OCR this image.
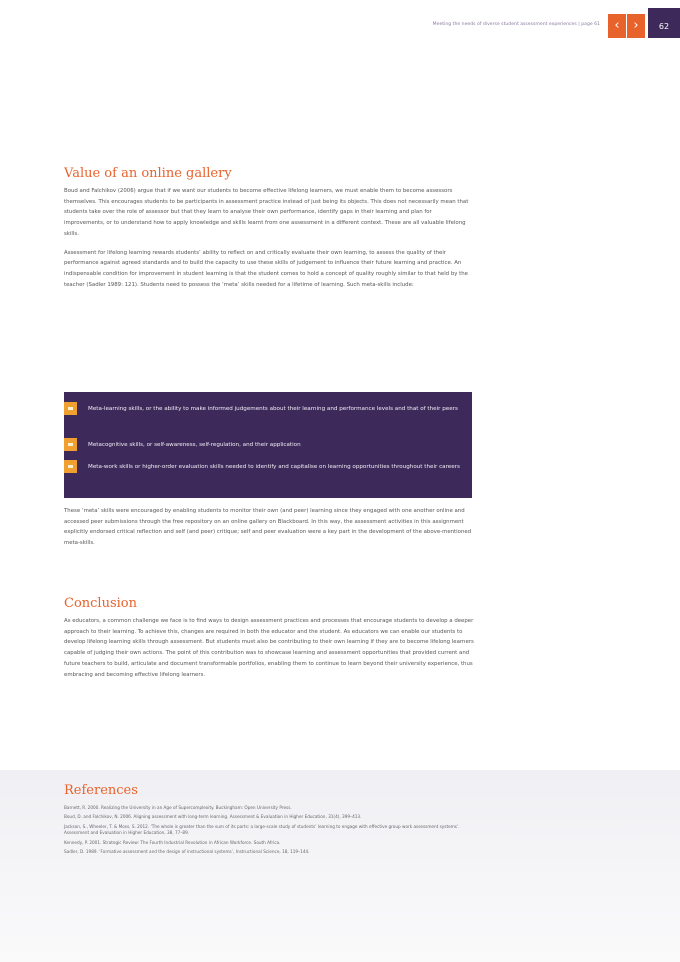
Meeting the needs of diverse student assessment experiences | page 61	‹	›	62
Value of an online gallery

Boud and Falchikov (2006) argue that if we want our students to become effective lifelong learners, we must enable them to become assessors themselves. This encourages students to be participants in assessment practice instead of just being its objects. This does not necessarily mean that students take over the role of assessor but that they learn to analyse their own performance, identify gaps in their learning and plan for improvements, or to understand how to apply knowledge and skills learnt from one assessment in a different context. These are all valuable lifelong skills.

Assessment for lifelong learning rewards students’ ability to reflect on and critically evaluate their own learning, to assess the quality of their performance against agreed standards and to build the capacity to use these skills of judgement to influence their future learning and practice. An indispensable condition for improvement in student learning is that the student comes to hold a concept of quality roughly similar to that held by the teacher (Sadler 1989: 121). Students need to possess the ‘meta’ skills needed for a lifetime of learning. Such meta-skills include:

Meta-learning skills, or the ability to make informed judgements about their learning and performance levels and that of their peers
Metacognitive skills, or self-awareness, self-regulation, and their application
Meta-work skills or higher-order evaluation skills needed to identify and capitalise on learning opportunities throughout their careers

These ‘meta’ skills were encouraged by enabling students to monitor their own (and peer) learning since they engaged with one another online and accessed peer submissions through the free repository on an online gallery on Blackboard. In this way, the assessment activities in this assignment explicitly endorsed critical reflection and self (and peer) critique; self and peer evaluation were a key part in the development of the above-mentioned meta-skills.

Conclusion

As educators, a common challenge we face is to find ways to design assessment practices and processes that encourage students to develop a deeper approach to their learning. To achieve this, changes are required in both the educator and the student. As educators we can enable our students to develop lifelong learning skills through assessment. But students must also be contributing to their own learning if they are to become lifelong learners capable of judging their own actions. The point of this contribution was to showcase learning and assessment opportunities that provided current and future teachers to build, articulate and document transformable portfolios, enabling them to continue to learn beyond their university experience, thus embracing and becoming effective lifelong learners.

References

Barnett, R. 2000. Realizing the University in an Age of Supercomplexity. Buckingham: Open University Press.

Boud, D. and Falchikov, N. 2006. Aligning assessment with long-term learning. Assessment & Evaluation in Higher Education, 31(4), 399–413.

Jackson, S., Wheeler, T. & Moss, S. 2012. ‘The whole is greater than the sum of its parts: a large-scale study of students’ learning to engage with effective group work assessment systems’. Assessment and Evaluation in Higher Education, 38, 77–89.

Kennedy, P. 2001. Strategic Review: The Fourth Industrial Revolution in African Workforce. South Africa.

Sadler, D. 1989. ‘Formative assessment and the design of instructional systems’, Instructional Science, 18, 119–144.
